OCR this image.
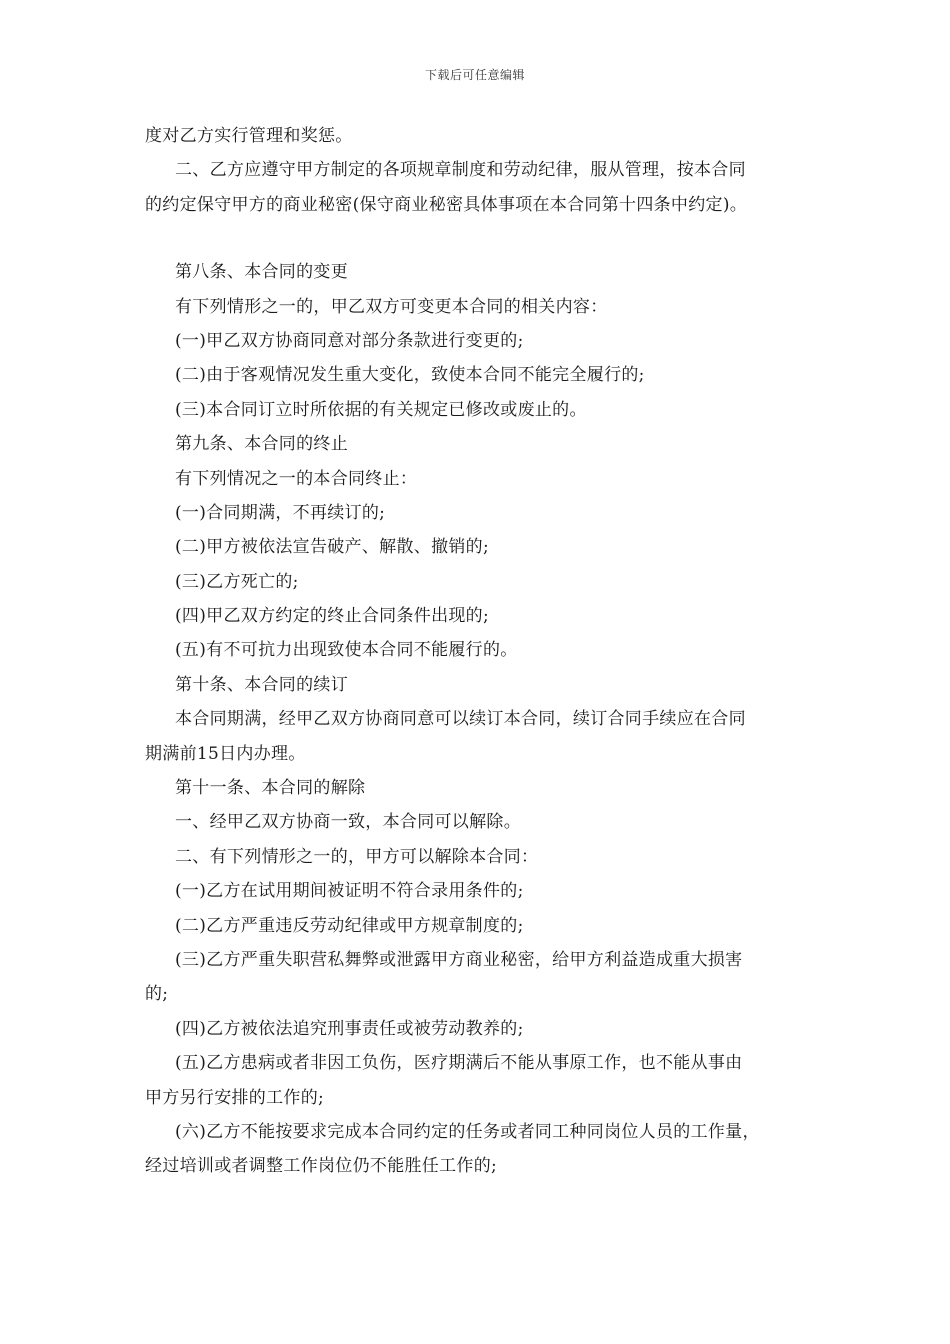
下载后可任意编辑
度对乙方实行管理和奖惩。
二、乙方应遵守甲方制定的各项规章制度和劳动纪律，服从管理，按本合同
的约定保守甲方的商业秘密(保守商业秘密具体事项在本合同第十四条中约定)。
第八条、本合同的变更
有下列情形之一的，甲乙双方可变更本合同的相关内容：
(一)甲乙双方协商同意对部分条款进行变更的;
(二)由于客观情况发生重大变化，致使本合同不能完全履行的;
(三)本合同订立时所依据的有关规定已修改或废止的。
第九条、本合同的终止
有下列情况之一的本合同终止：
(一)合同期满，不再续订的;
(二)甲方被依法宣告破产、解散、撤销的;
(三)乙方死亡的;
(四)甲乙双方约定的终止合同条件出现的;
(五)有不可抗力出现致使本合同不能履行的。
第十条、本合同的续订
本合同期满，经甲乙双方协商同意可以续订本合同，续订合同手续应在合同
期满前15日内办理。
第十一条、本合同的解除
一、经甲乙双方协商一致，本合同可以解除。
二、有下列情形之一的，甲方可以解除本合同：
(一)乙方在试用期间被证明不符合录用条件的;
(二)乙方严重违反劳动纪律或甲方规章制度的;
(三)乙方严重失职营私舞弊或泄露甲方商业秘密，给甲方利益造成重大损害
的;
(四)乙方被依法追究刑事责任或被劳动教养的;
(五)乙方患病或者非因工负伤，医疗期满后不能从事原工作，也不能从事由
甲方另行安排的工作的;
(六)乙方不能按要求完成本合同约定的任务或者同工种同岗位人员的工作量，
经过培训或者调整工作岗位仍不能胜任工作的;
